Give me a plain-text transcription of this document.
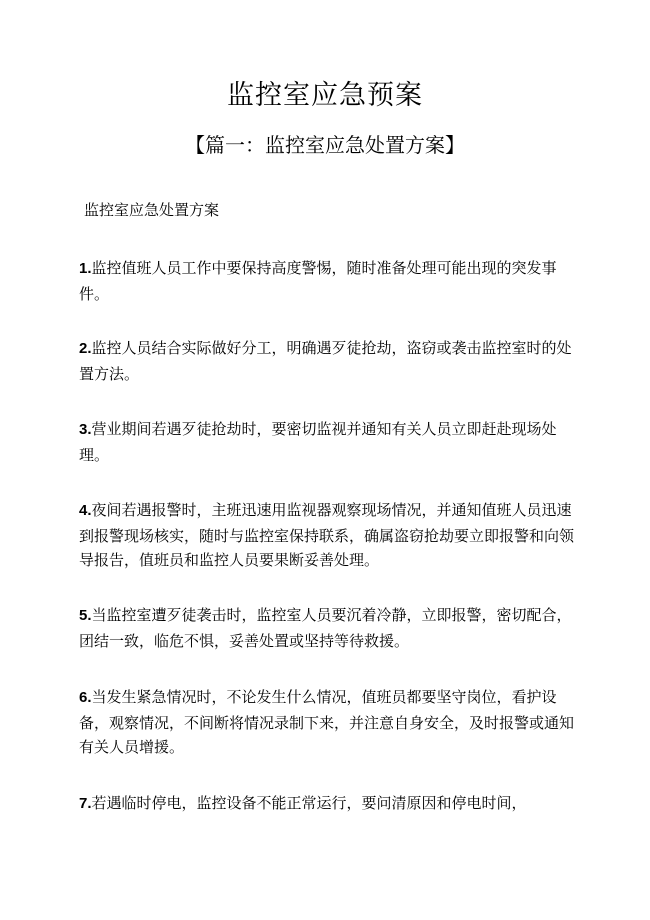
监控室应急预案
【篇一：监控室应急处置方案】
监控室应急处置方案
1.监控值班人员工作中要保持高度警惕，随时准备处理可能出现的突发事件。
2.监控人员结合实际做好分工，明确遇歹徒抢劫，盗窃或袭击监控室时的处置方法。
3.营业期间若遇歹徒抢劫时，要密切监视并通知有关人员立即赶赴现场处理。
4.夜间若遇报警时，主班迅速用监视器观察现场情况，并通知值班人员迅速到报警现场核实，随时与监控室保持联系，确属盗窃抢劫要立即报警和向领导报告，值班员和监控人员要果断妥善处理。
5.当监控室遭歹徒袭击时，监控室人员要沉着冷静，立即报警，密切配合，团结一致，临危不惧，妥善处置或坚持等待救援。
6.当发生紧急情况时，不论发生什么情况，值班员都要坚守岗位，看护设备，观察情况，不间断将情况录制下来，并注意自身安全，及时报警或通知有关人员增援。
7.若遇临时停电，监控设备不能正常运行，要问清原因和停电时间，
